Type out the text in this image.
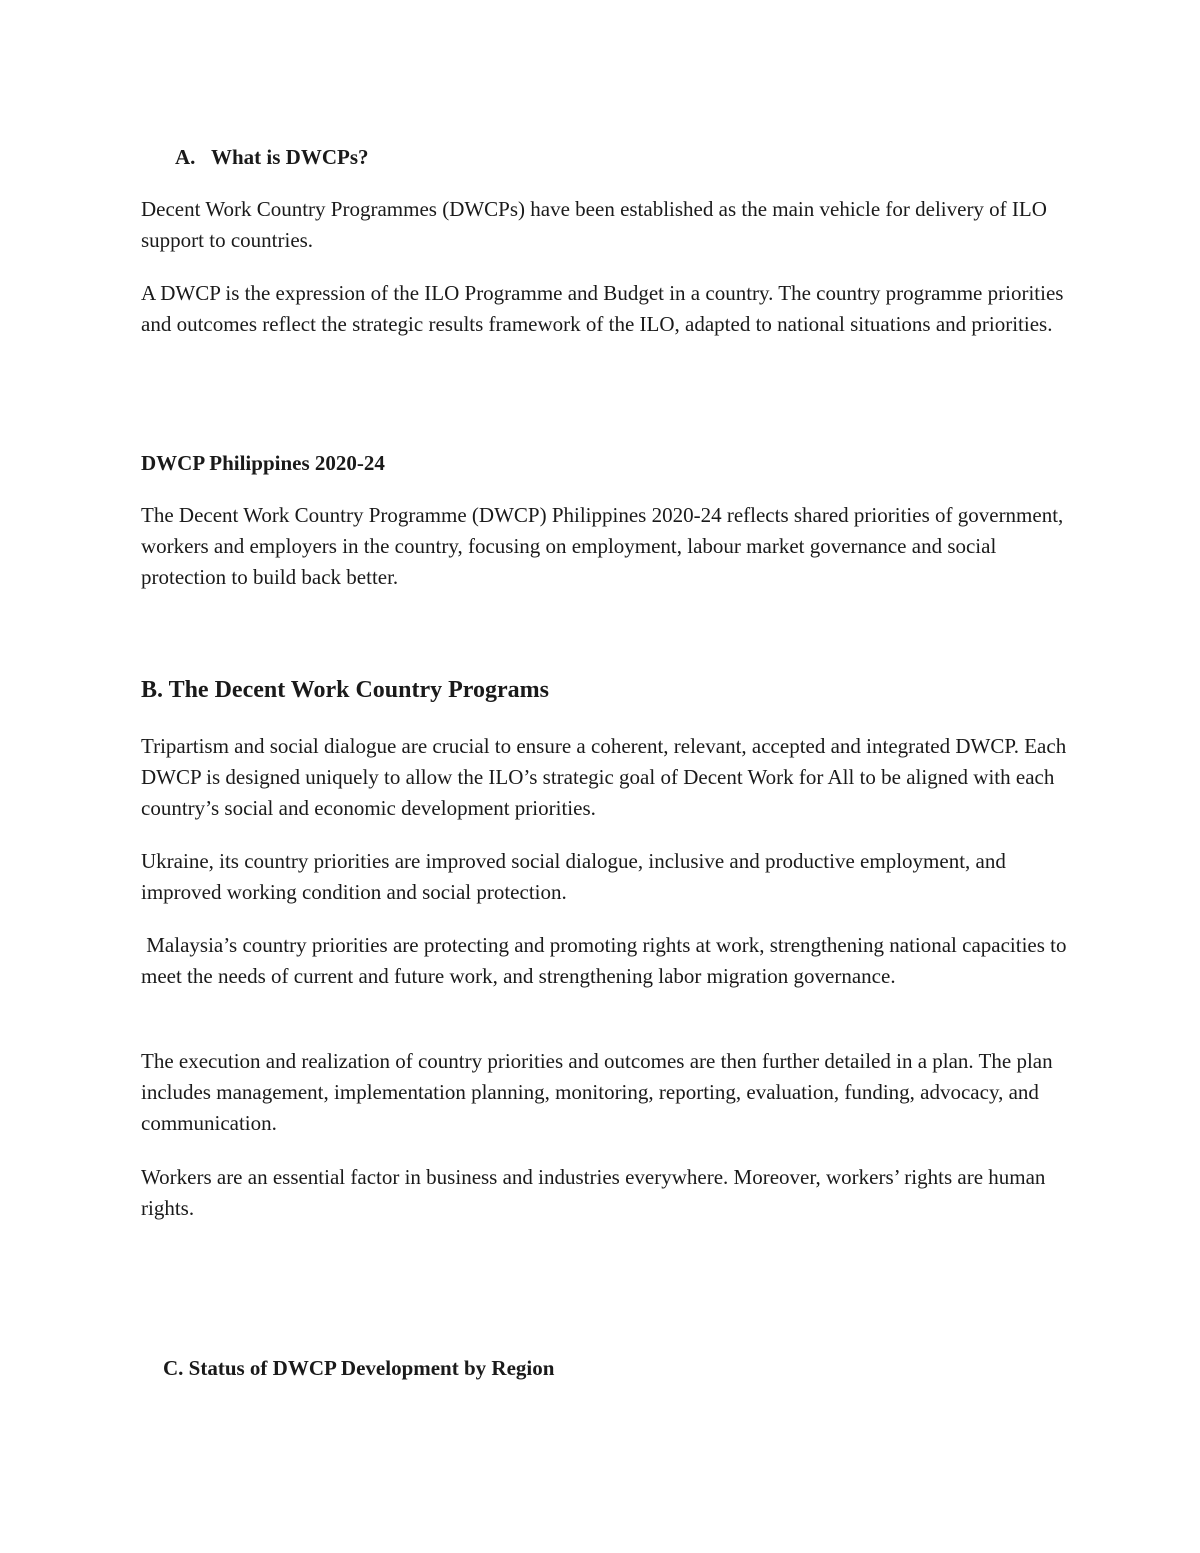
A. What is DWCPs?

Decent Work Country Programmes (DWCPs) have been established as the main vehicle for delivery of ILO support to countries.

A DWCP is the expression of the ILO Programme and Budget in a country. The country programme priorities and outcomes reflect the strategic results framework of the ILO, adapted to national situations and priorities.

DWCP Philippines 2020-24

The Decent Work Country Programme (DWCP) Philippines 2020-24 reflects shared priorities of government, workers and employers in the country, focusing on employment, labour market governance and social protection to build back better.

B. The Decent Work Country Programs

Tripartism and social dialogue are crucial to ensure a coherent, relevant, accepted and integrated DWCP. Each DWCP is designed uniquely to allow the ILO’s strategic goal of Decent Work for All to be aligned with each country’s social and economic development priorities.

Ukraine, its country priorities are improved social dialogue, inclusive and productive employment, and improved working condition and social protection.

Malaysia’s country priorities are protecting and promoting rights at work, strengthening national capacities to meet the needs of current and future work, and strengthening labor migration governance.

The execution and realization of country priorities and outcomes are then further detailed in a plan. The plan includes management, implementation planning, monitoring, reporting, evaluation, funding, advocacy, and communication.

Workers are an essential factor in business and industries everywhere. Moreover, workers’ rights are human rights.

C. Status of DWCP Development by Region
